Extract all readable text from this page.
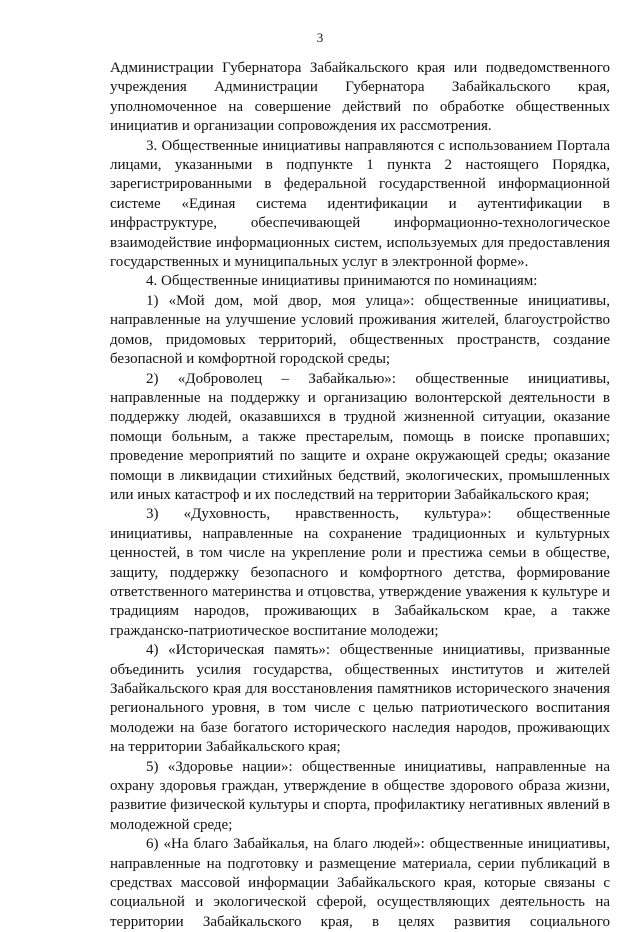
3

Администрации Губернатора Забайкальского края или подведомственного учреждения Администрации Губернатора Забайкальского края, уполномоченное на совершение действий по обработке общественных инициатив и организации сопровождения их рассмотрения.

3. Общественные инициативы направляются с использованием Портала лицами, указанными в подпункте 1 пункта 2 настоящего Порядка, зарегистрированными в федеральной государственной информационной системе «Единая система идентификации и аутентификации в инфраструктуре, обеспечивающей информационно-технологическое взаимодействие информационных систем, используемых для предоставления государственных и муниципальных услуг в электронной форме».

4. Общественные инициативы принимаются по номинациям:

1) «Мой дом, мой двор, моя улица»: общественные инициативы, направленные на улучшение условий проживания жителей, благоустройство домов, придомовых территорий, общественных пространств, создание безопасной и комфортной городской среды;

2) «Доброволец – Забайкалью»: общественные инициативы, направленные на поддержку и организацию волонтерской деятельности в поддержку людей, оказавшихся в трудной жизненной ситуации, оказание помощи больным, а также престарелым, помощь в поиске пропавших; проведение мероприятий по защите и охране окружающей среды; оказание помощи в ликвидации стихийных бедствий, экологических, промышленных или иных катастроф и их последствий на территории Забайкальского края;

3) «Духовность, нравственность, культура»: общественные инициативы, направленные на сохранение традиционных и культурных ценностей, в том числе на укрепление роли и престижа семьи в обществе, защиту, поддержку безопасного и комфортного детства, формирование ответственного материнства и отцовства, утверждение уважения к культуре и традициям народов, проживающих в Забайкальском крае, а также гражданско-патриотическое воспитание молодежи;

4) «Историческая память»: общественные инициативы, призванные объединить усилия государства, общественных институтов и жителей Забайкальского края для восстановления памятников исторического значения регионального уровня, в том числе с целью патриотического воспитания молодежи на базе богатого исторического наследия народов, проживающих на территории Забайкальского края;

5) «Здоровье нации»: общественные инициативы, направленные на охрану здоровья граждан, утверждение в обществе здорового образа жизни, развитие физической культуры и спорта, профилактику негативных явлений в молодежной среде;

6) «На благо Забайкалья, на благо людей»: общественные инициативы, направленные на подготовку и размещение материала, серии публикаций в средствах массовой информации Забайкальского края, которые связаны с социальной и экологической сферой, осуществляющих деятельность на территории Забайкальского края, в целях развития социального
